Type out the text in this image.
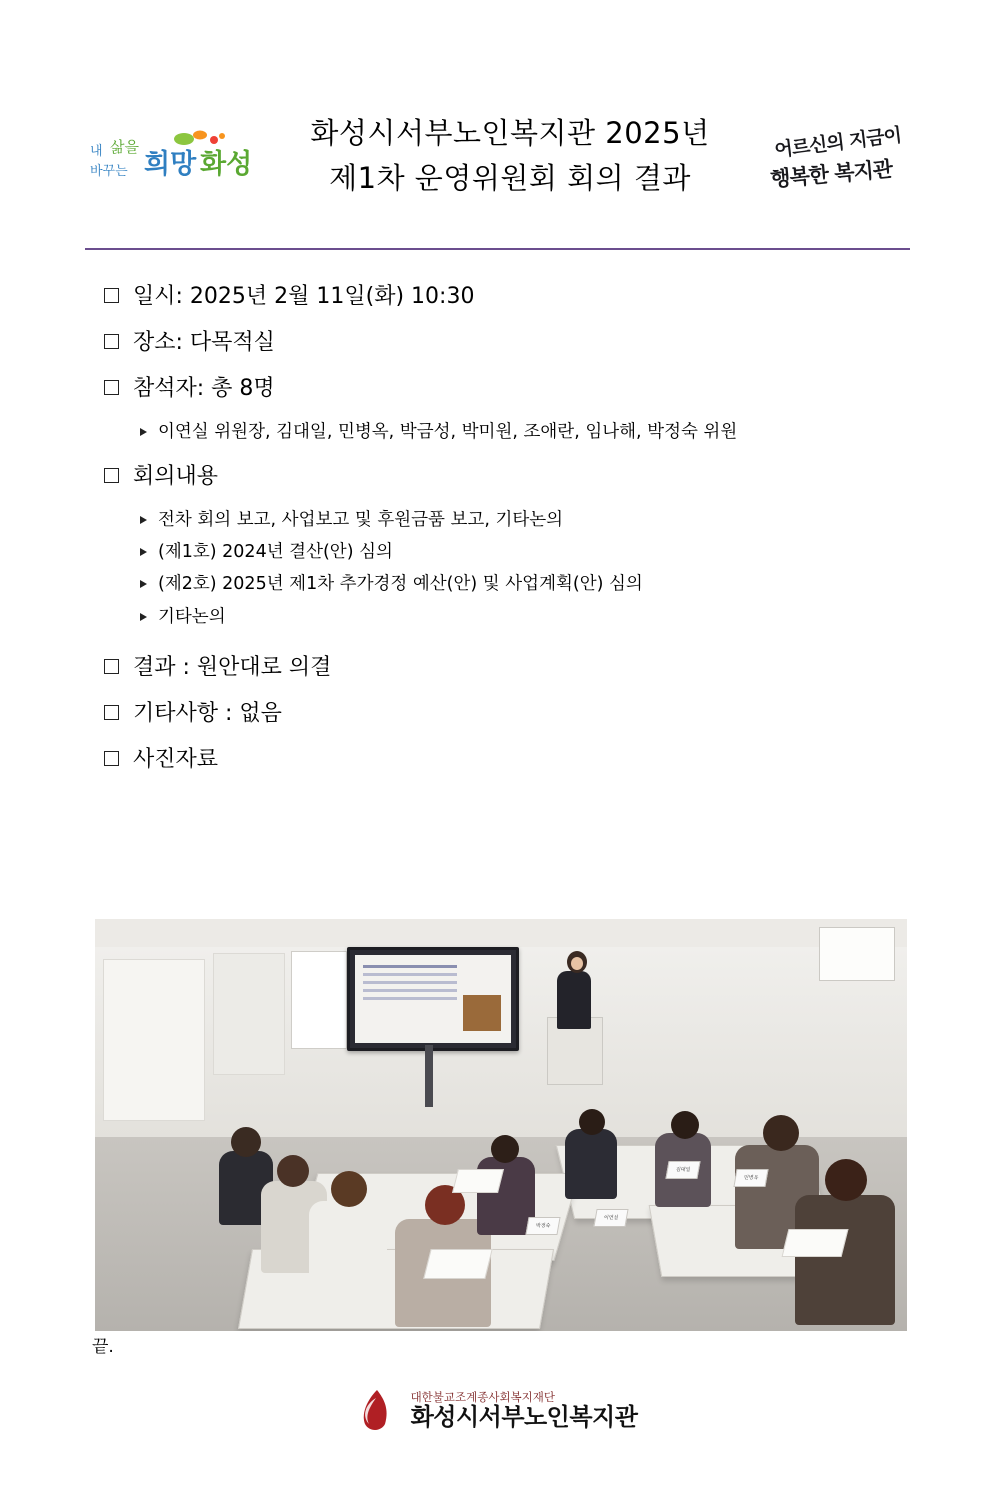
내 삶을
바꾸는 희망 화성
화성시서부노인복지관 2025년
제1차 운영위원회 회의 결과
어르신의 지금이
행복한 복지관
일시: 2025년 2월 11일(화) 10:30
장소: 다목적실
참석자: 총 8명
이연실 위원장, 김대일, 민병옥, 박금성, 박미원, 조애란, 임나해, 박정숙 위원
회의내용
전차 회의 보고, 사업보고 및 후원금품 보고, 기타논의
(제1호) 2024년 결산(안) 심의
(제2호) 2025년 제1차 추가경정 예산(안) 및 사업계획(안) 심의
기타논의
결과 : 원안대로 의결
기타사항 : 없음
사진자료
박정숙
이연실
김대일
민병옥
끝.
대한불교조계종사회복지재단
화성시서부노인복지관
